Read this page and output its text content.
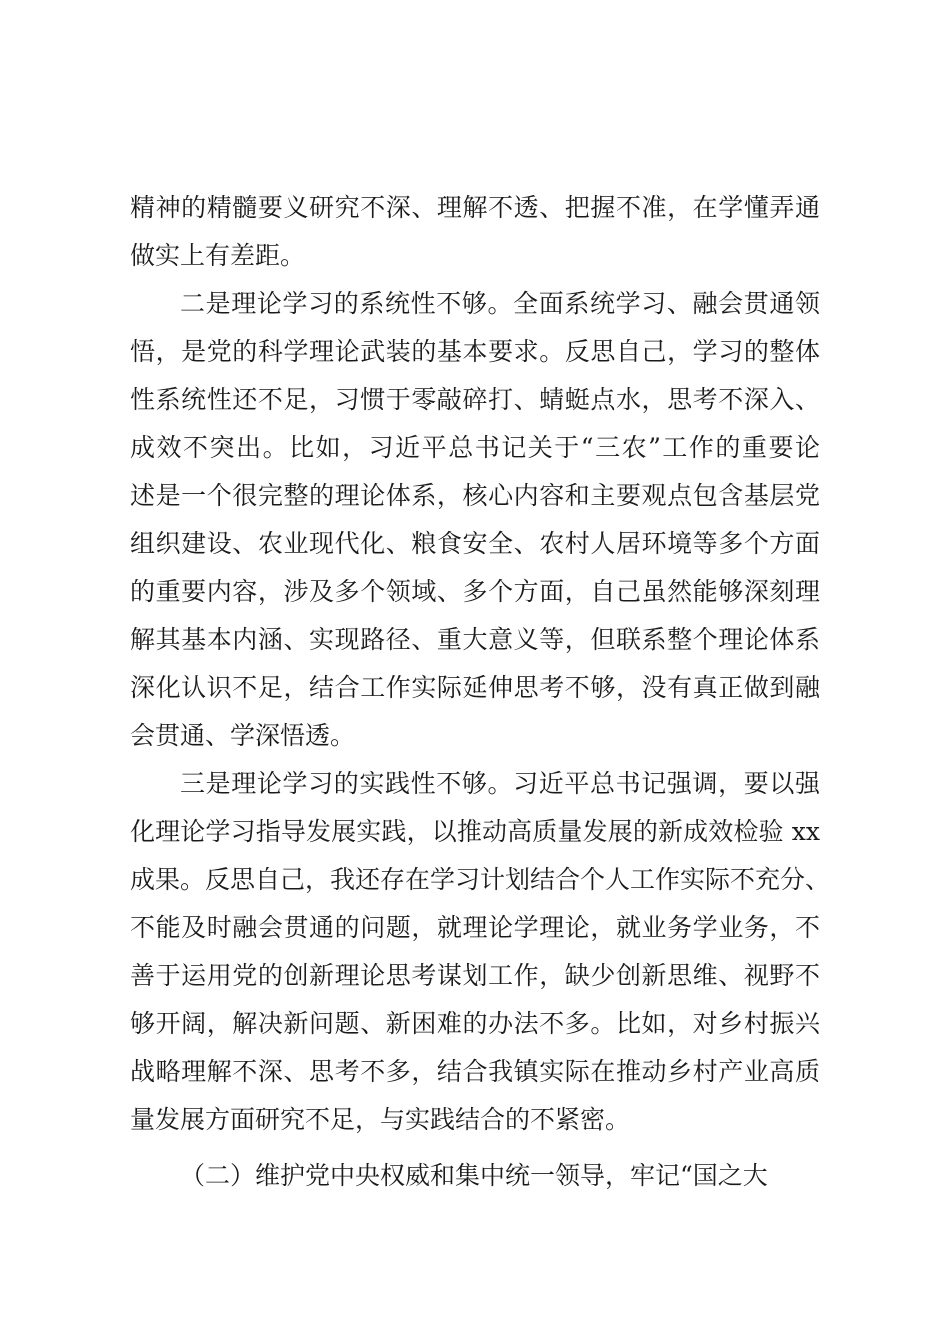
精神的精髓要义研究不深、理解不透、把握不准，在学懂弄通
做实上有差距。
二是理论学习的系统性不够。全面系统学习、融会贯通领
悟，是党的科学理论武装的基本要求。反思自己，学习的整体
性系统性还不足，习惯于零敲碎打、蜻蜓点水，思考不深入、
成效不突出。比如，习近平总书记关于“三农”工作的重要论
述是一个很完整的理论体系，核心内容和主要观点包含基层党
组织建设、农业现代化、粮食安全、农村人居环境等多个方面
的重要内容，涉及多个领域、多个方面，自己虽然能够深刻理
解其基本内涵、实现路径、重大意义等，但联系整个理论体系
深化认识不足，结合工作实际延伸思考不够，没有真正做到融
会贯通、学深悟透。
三是理论学习的实践性不够。习近平总书记强调，要以强
化理论学习指导发展实践，以推动高质量发展的新成效检验 xx
成果。反思自己，我还存在学习计划结合个人工作实际不充分、
不能及时融会贯通的问题，就理论学理论，就业务学业务，不
善于运用党的创新理论思考谋划工作，缺少创新思维、视野不
够开阔，解决新问题、新困难的办法不多。比如，对乡村振兴
战略理解不深、思考不多，结合我镇实际在推动乡村产业高质
量发展方面研究不足，与实践结合的不紧密。
（二）维护党中央权威和集中统一领导，牢记“国之大
